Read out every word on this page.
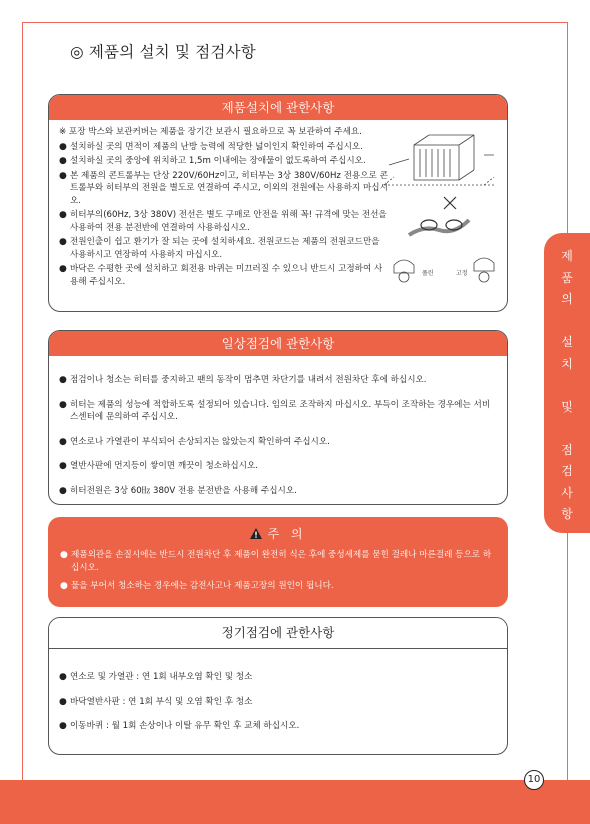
◎ 제품의 설치 및 점검사항
제품설치에 관한사항
※ 포장 박스와 보관커버는 제품을 장기간 보관시 필요하므로 꼭 보관하여 주세요.
● 설치하실 곳의 면적이 제품의 난방 능력에 적당한 넓이인지 확인하여 주십시오.
● 설치하실 곳의 중앙에 위치하고 1,5m 이내에는 장애물이 없도록하여 주십시오.
● 본 제품의 콘트롤부는 단상 220V/60Hz이고, 히터부는 3상 380V/60Hz 전용으로 콘트롤부와 히터부의 전원을 별도로 연결하여 주시고, 이외의 전원에는 사용하지 마십시오.
● 히터부의(60Hz, 3상 380V) 전선은 별도 구매로 안전을 위해 꼭! 규격에 맞는 전선을 사용하여 전용 분전반에 연결하여 사용하십시오.
● 전원인출이 쉽고 환기가 잘 되는 곳에 설치하세요. 전원코드는 제품의 전원코드만을 사용하시고 연장하여 사용하지 마십시오.
● 바닥은 수평한 곳에 설치하고 회전용 바퀴는 미끄러질 수 있으니 반드시 고정하여 사용해 주십시오.
풀린	고정
일상점검에 관한사항
● 점검이나 청소는 히터를 중지하고 팬의 동작이 멈추면 차단기를 내려서 전원차단 후에 하십시오.
● 히터는 제품의 성능에 적합하도록 설정되어 있습니다. 임의로 조작하지 마십시오. 부득이 조작하는 경우에는 서비스센터에 문의하여 주십시오.
● 연소로나 가열관이 부식되어 손상되지는 않았는지 확인하여 주십시오.
● 열반사판에 먼지등이 쌓이면 깨끗이 청소하십시오.
● 히터전원은 3상 60㎐ 380V 전용 분전반을 사용해 주십시오.
주 의
● 제품외관을 손질시에는 반드시 전원차단 후 제품이 완전히 식은 후에 중성세제를 묻힌 걸레나 마른걸레 등으로 하십시오.
● 물을 부어서 청소하는 경우에는 감전사고나 제품고장의 원인이 됩니다.
정기점검에 관한사항
● 연소로 및 가열관 : 연 1회 내부오염 확인 및 청소
● 바닥열반사판 : 연 1회 부식 및 오염 확인 후 청소
● 이동바퀴 : 월 1회 손상이나 이탈 유무 확인 후 교체 하십시오.
제
품
의
설
치
및
점
검
사
항
10
